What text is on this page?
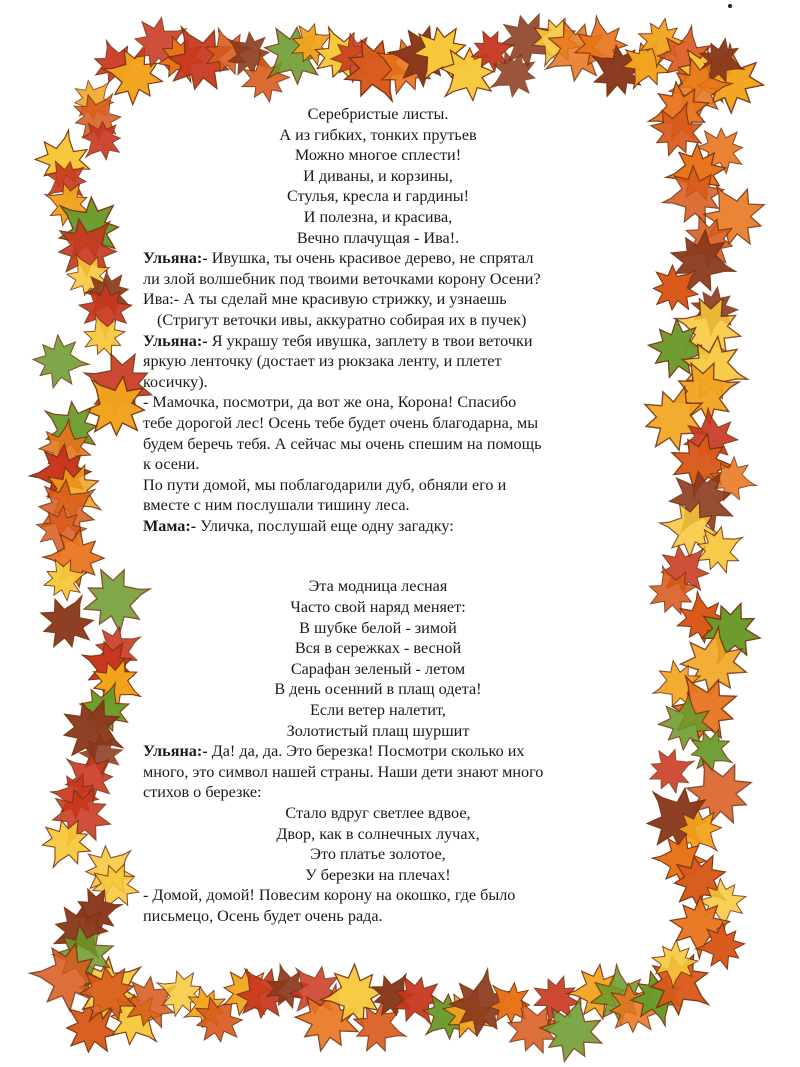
Серебристые листы.
А из гибких, тонких прутьев
Можно многое сплести!
И диваны, и корзины,
Стулья, кресла и гардины!
И полезна, и красива,
Вечно плачущая - Ива!.
Ульяна:- Ивушка, ты очень красивое дерево, не спрятал
ли злой волшебник под твоими веточками корону Осени?
Ива:- А ты сделай мне красивую стрижку, и узнаешь
(Стригут веточки ивы, аккуратно собирая их в пучек)
Ульяна:- Я украшу тебя ивушка, заплету в твои веточки
яркую ленточку (достает из рюкзака ленту, и плетет
косичку).
- Мамочка, посмотри, да вот же она, Корона! Спасибо
тебе дорогой лес! Осень тебе будет очень благодарна, мы
будем беречь тебя. А сейчас мы очень спешим на помощь
к осени.
По пути домой, мы поблагодарили дуб, обняли его и
вместе с ним послушали тишину леса.
Мама:- Уличка, послушай еще одну загадку:
Эта модница лесная
Часто свой наряд меняет:
В шубке белой - зимой
Вся в сережках - весной
Сарафан зеленый - летом
В день осенний в плащ одета!
Если ветер налетит,
Золотистый плащ шуршит
Ульяна:- Да! да, да. Это березка! Посмотри сколько их
много, это символ нашей страны. Наши дети знают много
стихов о березке:
Стало вдруг светлее вдвое,
Двор, как в солнечных лучах,
Это платье золотое,
У березки на плечах!
- Домой, домой! Повесим корону на окошко, где было
письмецо, Осень будет очень рада.
